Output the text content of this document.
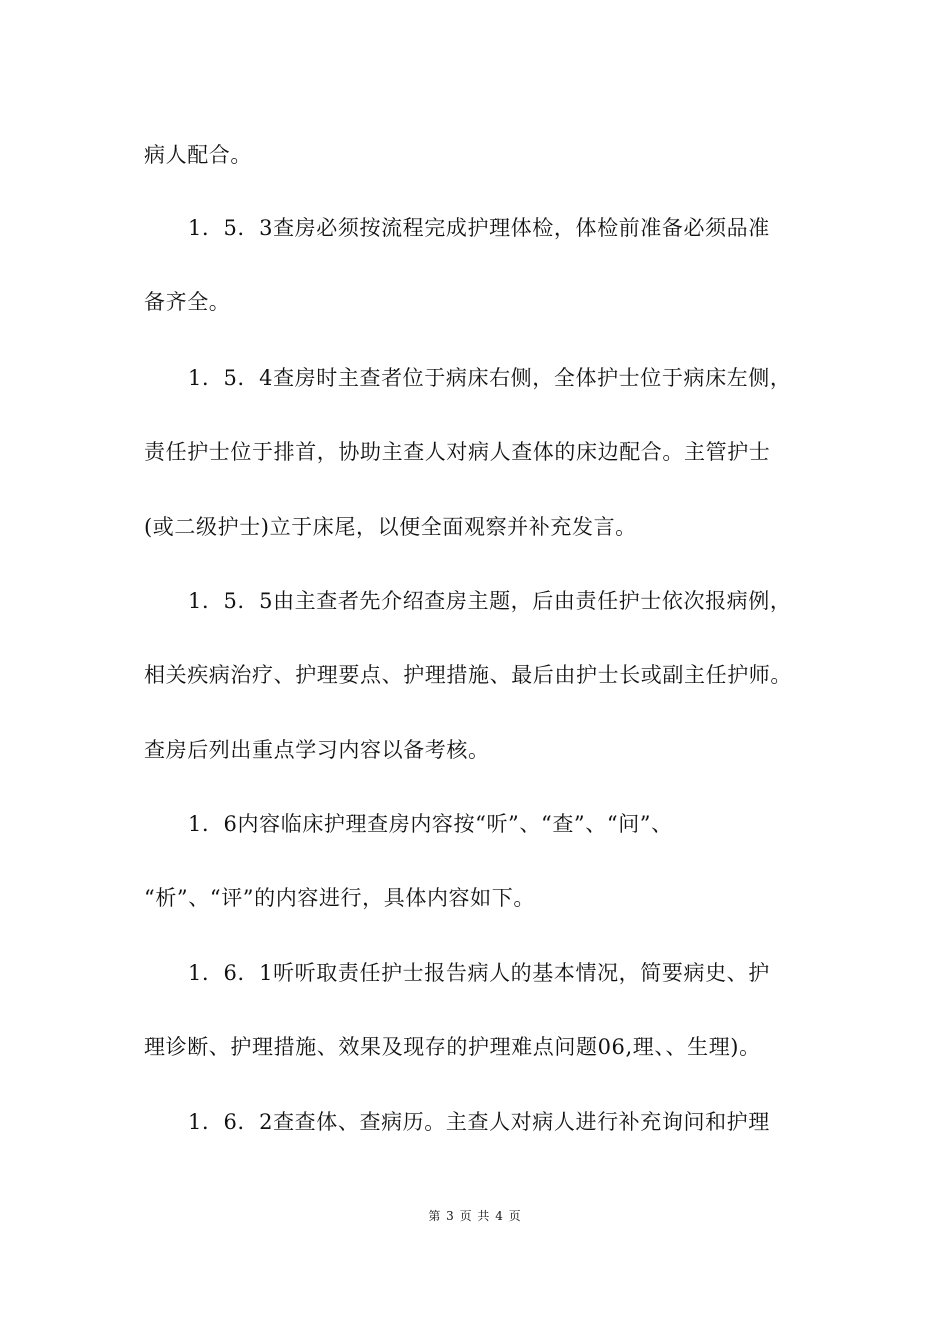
病人配合。
1．5．3查房必须按流程完成护理体检，体检前准备必须品准
备齐全。
1．5．4查房时主查者位于病床右侧，全体护士位于病床左侧，
责任护士位于排首，协助主查人对病人查体的床边配合。主管护士
(或二级护士)立于床尾，以便全面观察并补充发言。
1．5．5由主查者先介绍查房主题，后由责任护士依次报病例，
相关疾病治疗、护理要点、护理措施、最后由护士长或副主任护师。
查房后列出重点学习内容以备考核。
1．6内容临床护理查房内容按“听”、“查”、“问”、
“析”、“评”的内容进行，具体内容如下。
1．6．1听听取责任护士报告病人的基本情况，简要病史、护
理诊断、护理措施、效果及现存的护理难点问题06,理、、生理)。
1．6．2查查体、查病历。主查人对病人进行补充询问和护理
第 3 页 共 4 页
